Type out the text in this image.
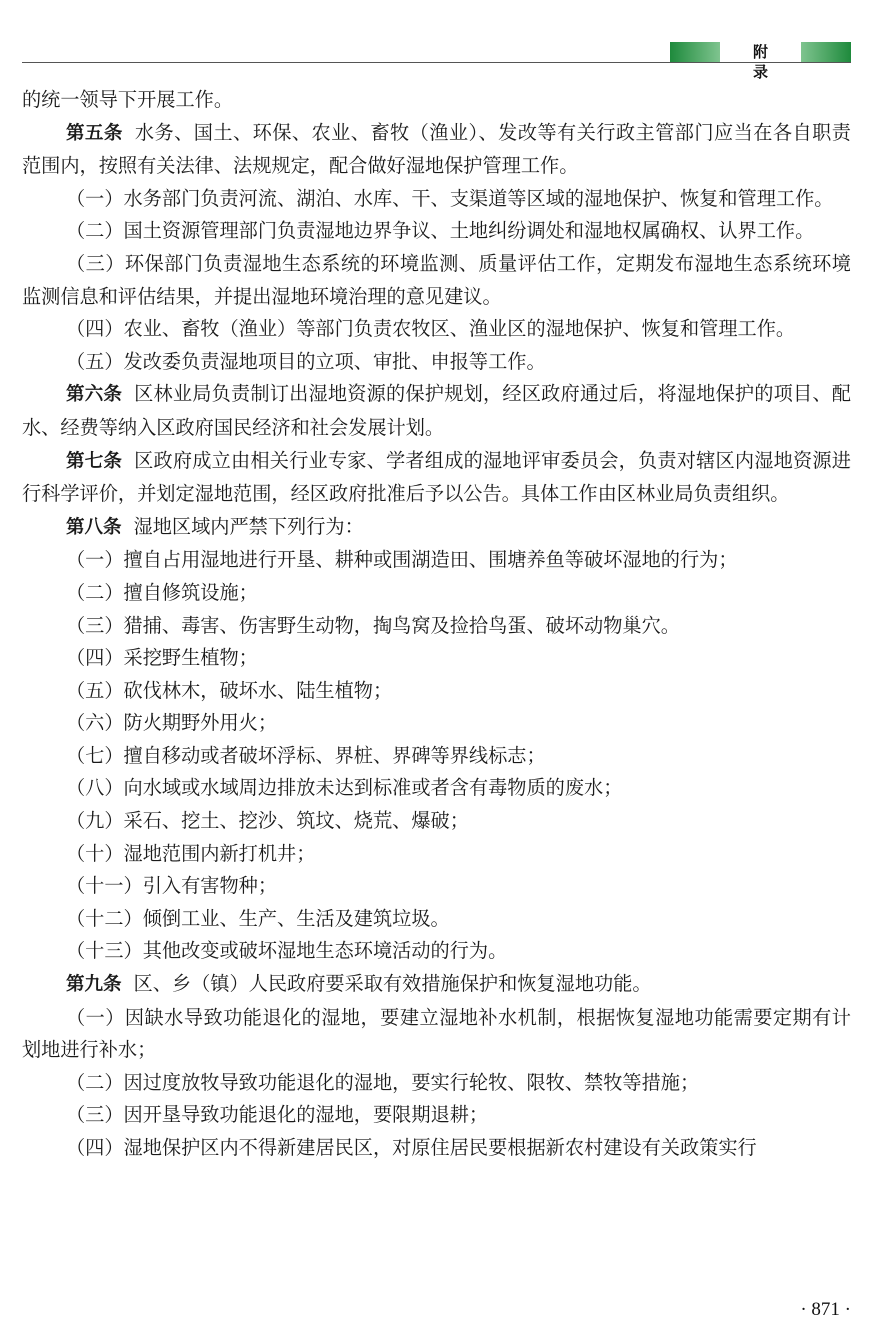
附 录

的统一领导下开展工作。

第五条 水务、国土、环保、农业、畜牧（渔业）、发改等有关行政主管部门应当在各自职责范围内，按照有关法律、法规规定，配合做好湿地保护管理工作。

（一）水务部门负责河流、湖泊、水库、干、支渠道等区域的湿地保护、恢复和管理工作。

（二）国土资源管理部门负责湿地边界争议、土地纠纷调处和湿地权属确权、认界工作。

（三）环保部门负责湿地生态系统的环境监测、质量评估工作，定期发布湿地生态系统环境监测信息和评估结果，并提出湿地环境治理的意见建议。

（四）农业、畜牧（渔业）等部门负责农牧区、渔业区的湿地保护、恢复和管理工作。

（五）发改委负责湿地项目的立项、审批、申报等工作。

第六条 区林业局负责制订出湿地资源的保护规划，经区政府通过后，将湿地保护的项目、配水、经费等纳入区政府国民经济和社会发展计划。

第七条 区政府成立由相关行业专家、学者组成的湿地评审委员会，负责对辖区内湿地资源进行科学评价，并划定湿地范围，经区政府批准后予以公告。具体工作由区林业局负责组织。

第八条 湿地区域内严禁下列行为：

（一）擅自占用湿地进行开垦、耕种或围湖造田、围塘养鱼等破坏湿地的行为；

（二）擅自修筑设施；

（三）猎捕、毒害、伤害野生动物，掏鸟窝及捡拾鸟蛋、破坏动物巢穴。

（四）采挖野生植物；

（五）砍伐林木，破坏水、陆生植物；

（六）防火期野外用火；

（七）擅自移动或者破坏浮标、界桩、界碑等界线标志；

（八）向水域或水域周边排放未达到标准或者含有毒物质的废水；

（九）采石、挖土、挖沙、筑坟、烧荒、爆破；

（十）湿地范围内新打机井；

（十一）引入有害物种；

（十二）倾倒工业、生产、生活及建筑垃圾。

（十三）其他改变或破坏湿地生态环境活动的行为。

第九条 区、乡（镇）人民政府要采取有效措施保护和恢复湿地功能。

（一）因缺水导致功能退化的湿地，要建立湿地补水机制，根据恢复湿地功能需要定期有计划地进行补水；

（二）因过度放牧导致功能退化的湿地，要实行轮牧、限牧、禁牧等措施；

（三）因开垦导致功能退化的湿地，要限期退耕；

（四）湿地保护区内不得新建居民区，对原住居民要根据新农村建设有关政策实行

· 871 ·
